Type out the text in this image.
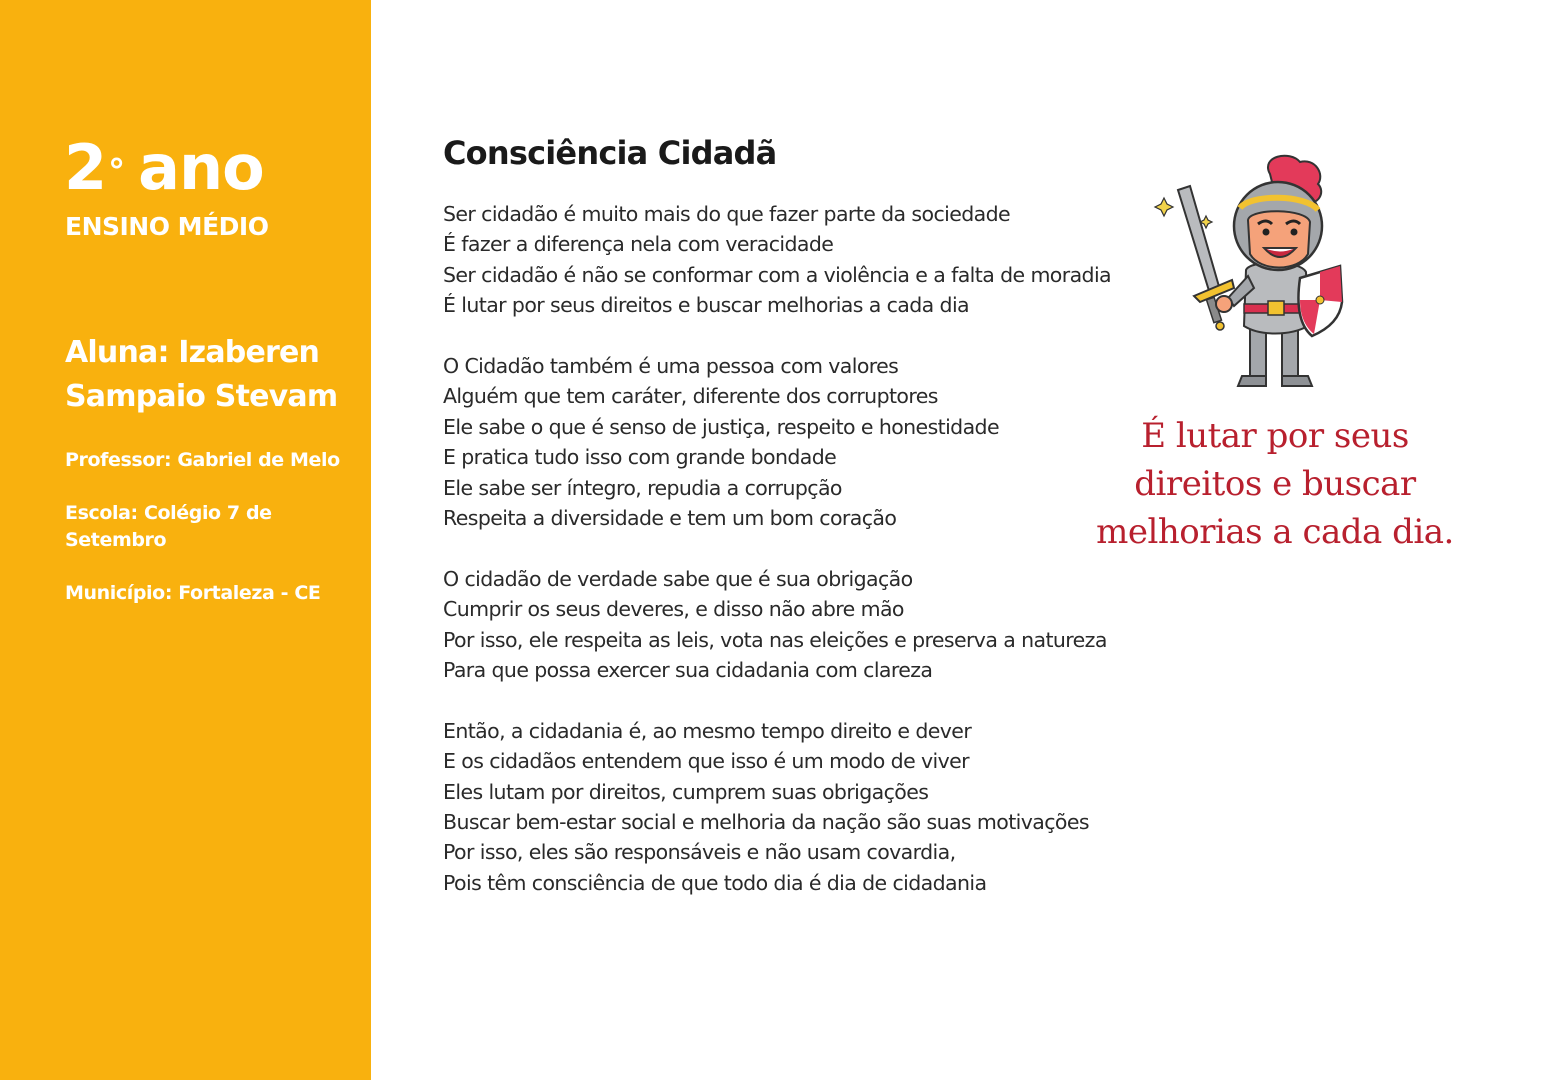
2° ano
ENSINO MÉDIO
Aluna: Izaberen Sampaio Stevam
Professor: Gabriel de Melo
Escola: Colégio 7 de Setembro
Município: Fortaleza - CE
Consciência Cidadã
Ser cidadão é muito mais do que fazer parte da sociedade
É fazer a diferença nela com veracidade
Ser cidadão é não se conformar com a violência e a falta de moradia
É lutar por seus direitos e buscar melhorias a cada dia
O Cidadão também é uma pessoa com valores
Alguém que tem caráter, diferente dos corruptores
Ele sabe o que é senso de justiça, respeito e honestidade
E pratica tudo isso com grande bondade
Ele sabe ser íntegro, repudia a corrupção
Respeita a diversidade e tem um bom coração
O cidadão de verdade sabe que é sua obrigação
Cumprir os seus deveres, e disso não abre mão
Por isso, ele respeita as leis, vota nas eleições e preserva a natureza
Para que possa exercer sua cidadania com clareza
Então, a cidadania é, ao mesmo tempo direito e dever
E os cidadãos entendem que isso é um modo de viver
Eles lutam por direitos, cumprem suas obrigações
Buscar bem-estar social e melhoria da nação são suas motivações
Por isso, eles são responsáveis e não usam covardia,
Pois têm consciência de que todo dia é dia de cidadania
É lutar por seus
direitos e buscar
melhorias a cada dia.
